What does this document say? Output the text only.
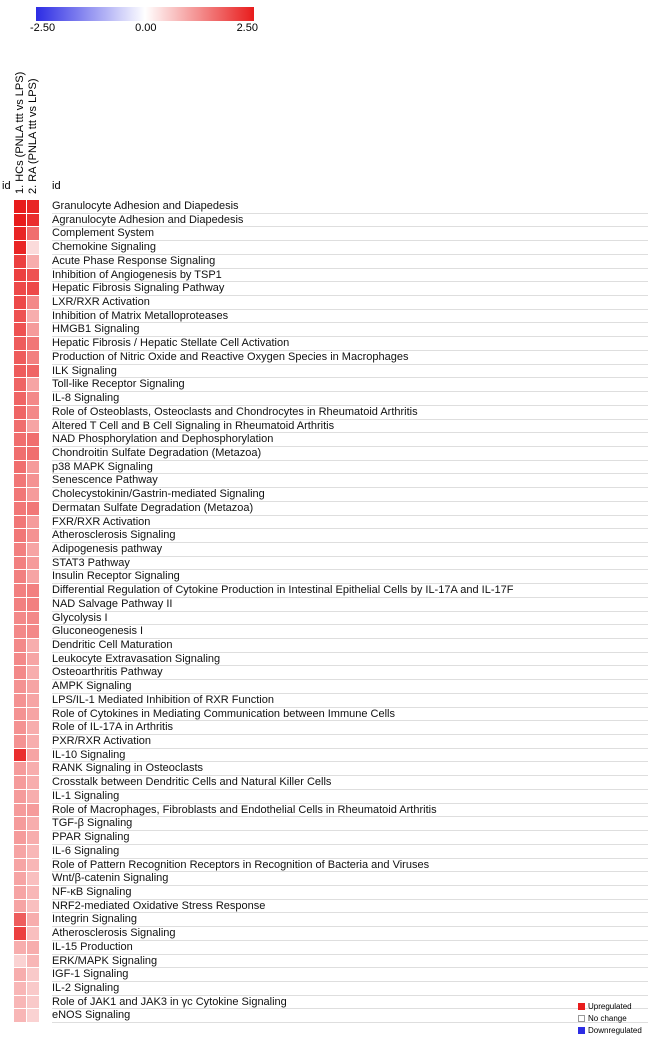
-2.50	0.00	2.50
1. HCs (PNLA ttt vs LPS) 2. RA (PNLA ttt vs LPS)
id	id
Granulocyte Adhesion and Diapedesis
Agranulocyte Adhesion and Diapedesis
Complement System
Chemokine Signaling
Acute Phase Response Signaling
Inhibition of Angiogenesis by TSP1
Hepatic Fibrosis Signaling Pathway
LXR/RXR Activation
Inhibition of Matrix Metalloproteases
HMGB1 Signaling
Hepatic Fibrosis / Hepatic Stellate Cell Activation
Production of Nitric Oxide and Reactive Oxygen Species in Macrophages
ILK Signaling
Toll-like Receptor Signaling
IL-8 Signaling
Role of Osteoblasts, Osteoclasts and Chondrocytes in Rheumatoid Arthritis
Altered T Cell and B Cell Signaling in Rheumatoid Arthritis
NAD Phosphorylation and Dephosphorylation
Chondroitin Sulfate Degradation (Metazoa)
p38 MAPK Signaling
Senescence Pathway
Cholecystokinin/Gastrin-mediated Signaling
Dermatan Sulfate Degradation (Metazoa)
FXR/RXR Activation
Atherosclerosis Signaling
Adipogenesis pathway
STAT3 Pathway
Insulin Receptor Signaling
Differential Regulation of Cytokine Production in Intestinal Epithelial Cells by IL-17A and IL-17F
NAD Salvage Pathway II
Glycolysis I
Gluconeogenesis I
Dendritic Cell Maturation
Leukocyte Extravasation Signaling
Osteoarthritis Pathway
AMPK Signaling
LPS/IL-1 Mediated Inhibition of RXR Function
Role of Cytokines in Mediating Communication between Immune Cells
Role of IL-17A in Arthritis
PXR/RXR Activation
IL-10 Signaling
RANK Signaling in Osteoclasts
Crosstalk between Dendritic Cells and Natural Killer Cells
IL-1 Signaling
Role of Macrophages, Fibroblasts and Endothelial Cells in Rheumatoid Arthritis
TGF-β Signaling
PPAR Signaling
IL-6 Signaling
Role of Pattern Recognition Receptors in Recognition of Bacteria and Viruses
Wnt/β-catenin Signaling
NF-κB Signaling
NRF2-mediated Oxidative Stress Response
Integrin Signaling
Atherosclerosis Signaling
IL-15 Production
ERK/MAPK Signaling
IGF-1 Signaling
IL-2 Signaling
Role of JAK1 and JAK3 in γc Cytokine Signaling
eNOS Signaling
Upregulated
No change
Downregulated
